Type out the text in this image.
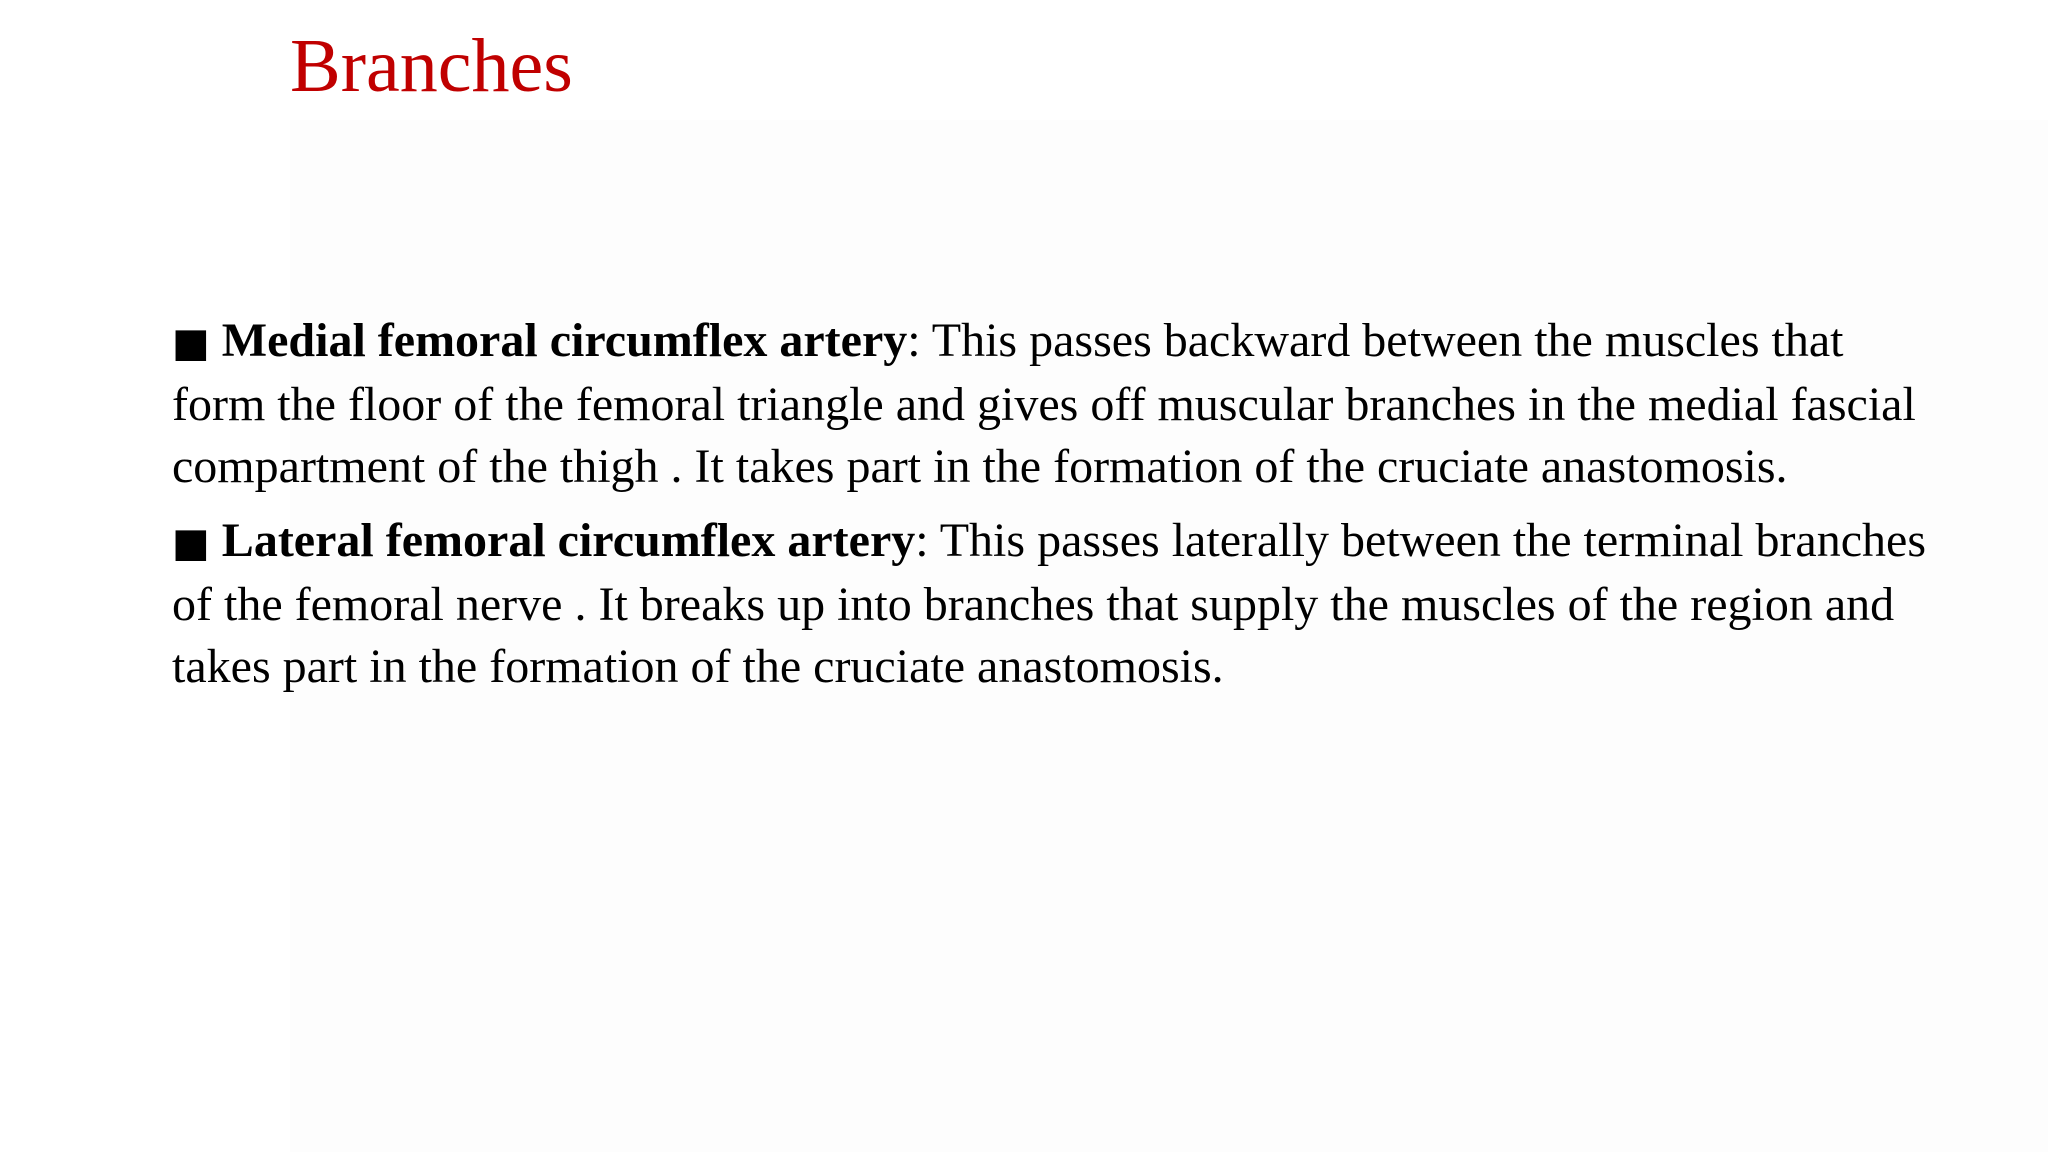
Branches

■ Medial femoral circumflex artery: This passes backward between the muscles that form the floor of the femoral triangle and gives off muscular branches in the medial fascial compartment of the thigh . It takes part in the formation of the cruciate anastomosis.

■ Lateral femoral circumflex artery: This passes laterally between the terminal branches of the femoral nerve . It breaks up into branches that supply the muscles of the region and takes part in the formation of the cruciate anastomosis.
